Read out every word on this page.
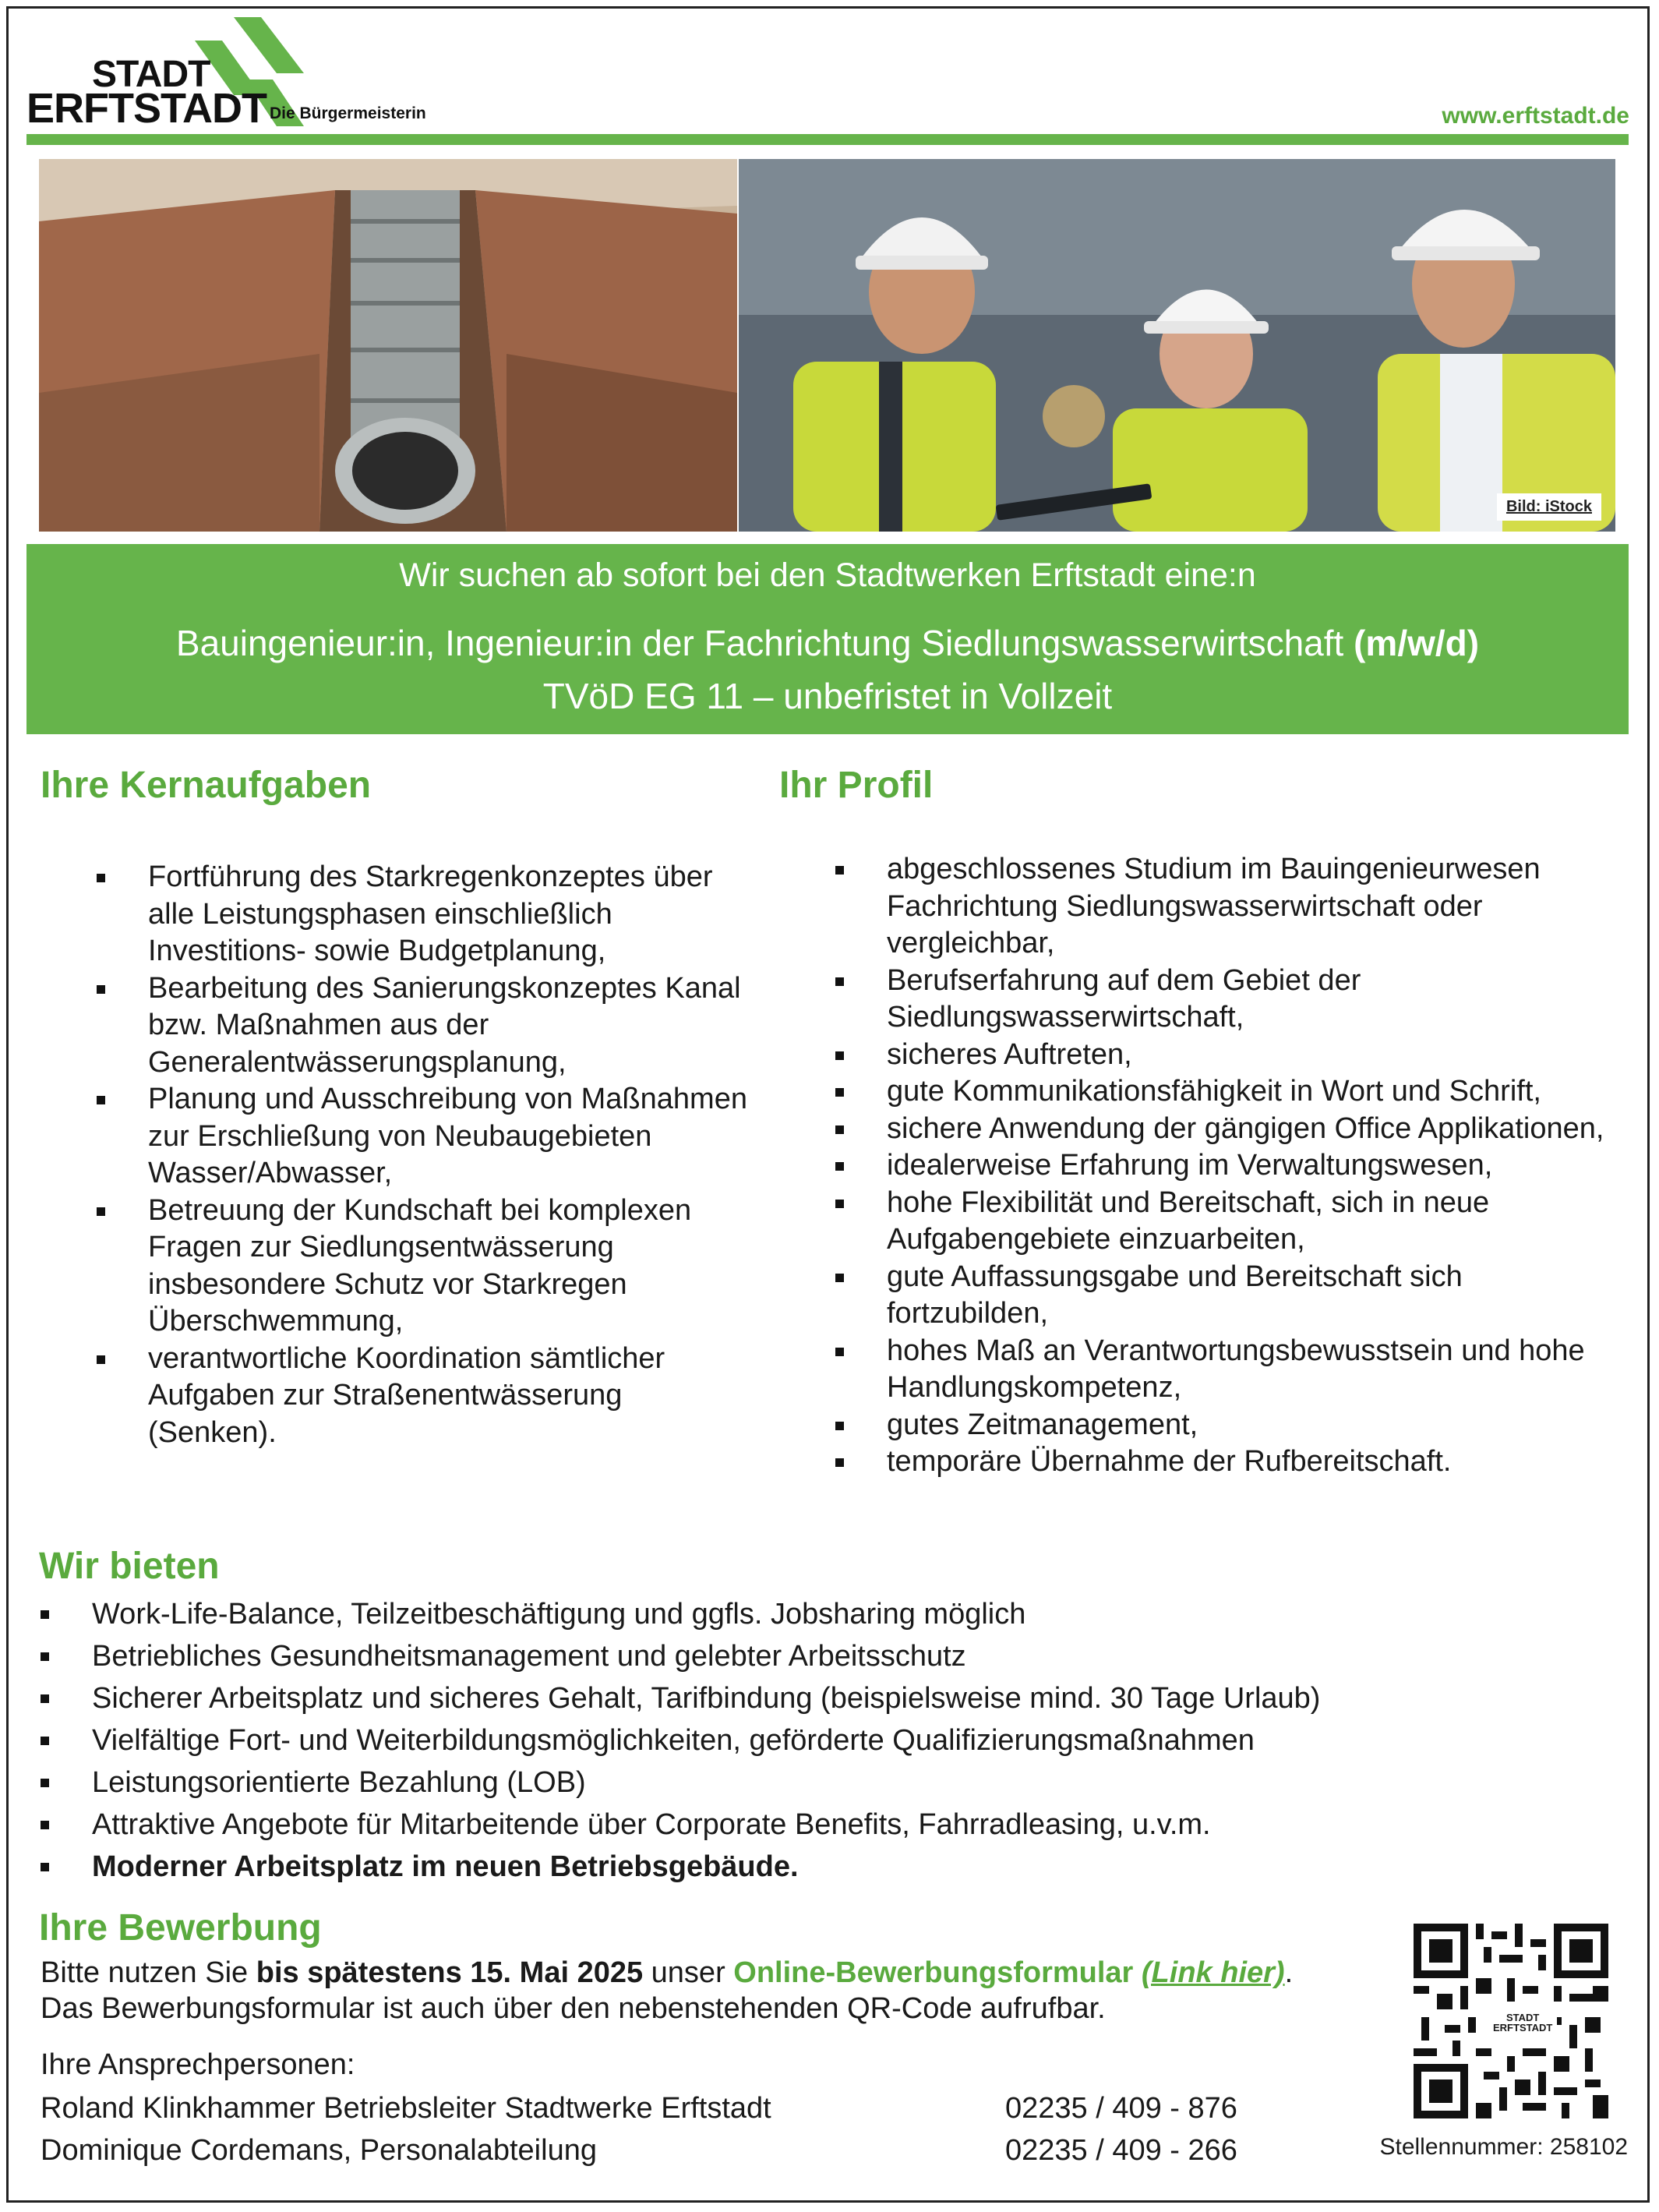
STADT
ERFTSTADT Die Bürgermeisterin	www.erftstadt.de
Bild: iStock
Wir suchen ab sofort bei den Stadtwerken Erftstadt eine:n
Bauingenieur:in, Ingenieur:in der Fachrichtung Siedlungswasserwirtschaft (m/w/d)
TVöD EG 11 – unbefristet in Vollzeit
Ihre Kernaufgaben
Fortführung des Starkregenkonzeptes über alle Leistungsphasen einschließlich Investitions- sowie Budgetplanung,
Bearbeitung des Sanierungskonzeptes Kanal bzw. Maßnahmen aus der Generalentwässerungsplanung,
Planung und Ausschreibung von Maßnahmen zur Erschließung von Neubaugebieten Wasser/Abwasser,
Betreuung der Kundschaft bei komplexen Fragen zur Siedlungsentwässerung insbesondere Schutz vor Starkregen Überschwemmung,
verantwortliche Koordination sämtlicher Aufgaben zur Straßenentwässerung (Senken).
Ihr Profil
abgeschlossenes Studium im Bauingenieurwesen Fachrichtung Siedlungswasserwirtschaft oder vergleichbar,
Berufserfahrung auf dem Gebiet der Siedlungswasserwirtschaft,
sicheres Auftreten,
gute Kommunikationsfähigkeit in Wort und Schrift,
sichere Anwendung der gängigen Office Applikationen,
idealerweise Erfahrung im Verwaltungswesen,
hohe Flexibilität und Bereitschaft, sich in neue Aufgabengebiete einzuarbeiten,
gute Auffassungsgabe und Bereitschaft sich fortzubilden,
hohes Maß an Verantwortungsbewusstsein und hohe Handlungskompetenz,
gutes Zeitmanagement,
temporäre Übernahme der Rufbereitschaft.
Wir bieten
Work-Life-Balance, Teilzeitbeschäftigung und ggfls. Jobsharing möglich
Betriebliches Gesundheitsmanagement und gelebter Arbeitsschutz
Sicherer Arbeitsplatz und sicheres Gehalt, Tarifbindung (beispielsweise mind. 30 Tage Urlaub)
Vielfältige Fort- und Weiterbildungsmöglichkeiten, geförderte Qualifizierungsmaßnahmen
Leistungsorientierte Bezahlung (LOB)
Attraktive Angebote für Mitarbeitende über Corporate Benefits, Fahrradleasing, u.v.m.
Moderner Arbeitsplatz im neuen Betriebsgebäude.
Ihre Bewerbung
Bitte nutzen Sie bis spätestens 15. Mai 2025 unser Online-Bewerbungsformular (Link hier).
Das Bewerbungsformular ist auch über den nebenstehenden QR-Code aufrufbar.
Ihre Ansprechpersonen:
Roland Klinkhammer Betriebsleiter Stadtwerke Erftstadt	02235 / 409 - 876
Dominique Cordemans, Personalabteilung	02235 / 409 - 266
STADT
ERFTSTADT
Stellennummer: 258102
